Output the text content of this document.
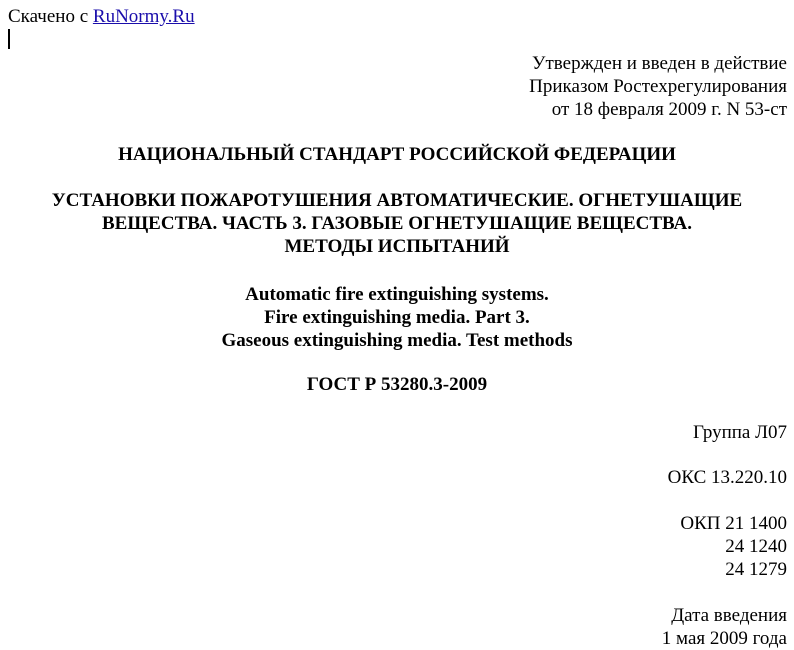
Скачено с RuNormy.Ru
Утвержден и введен в действие
Приказом Ростехрегулирования
от 18 февраля 2009 г. N 53-ст
НАЦИОНАЛЬНЫЙ СТАНДАРТ РОССИЙСКОЙ ФЕДЕРАЦИИ
УСТАНОВКИ ПОЖАРОТУШЕНИЯ АВТОМАТИЧЕСКИЕ. ОГНЕТУШАЩИЕ
ВЕЩЕСТВА. ЧАСТЬ 3. ГАЗОВЫЕ ОГНЕТУШАЩИЕ ВЕЩЕСТВА.
МЕТОДЫ ИСПЫТАНИЙ
Automatic fire extinguishing systems.
Fire extinguishing media. Part 3.
Gaseous extinguishing media. Test methods
ГОСТ Р 53280.3-2009
Группа Л07
ОКС 13.220.10
ОКП 21 1400
24 1240
24 1279
Дата введения
1 мая 2009 года
